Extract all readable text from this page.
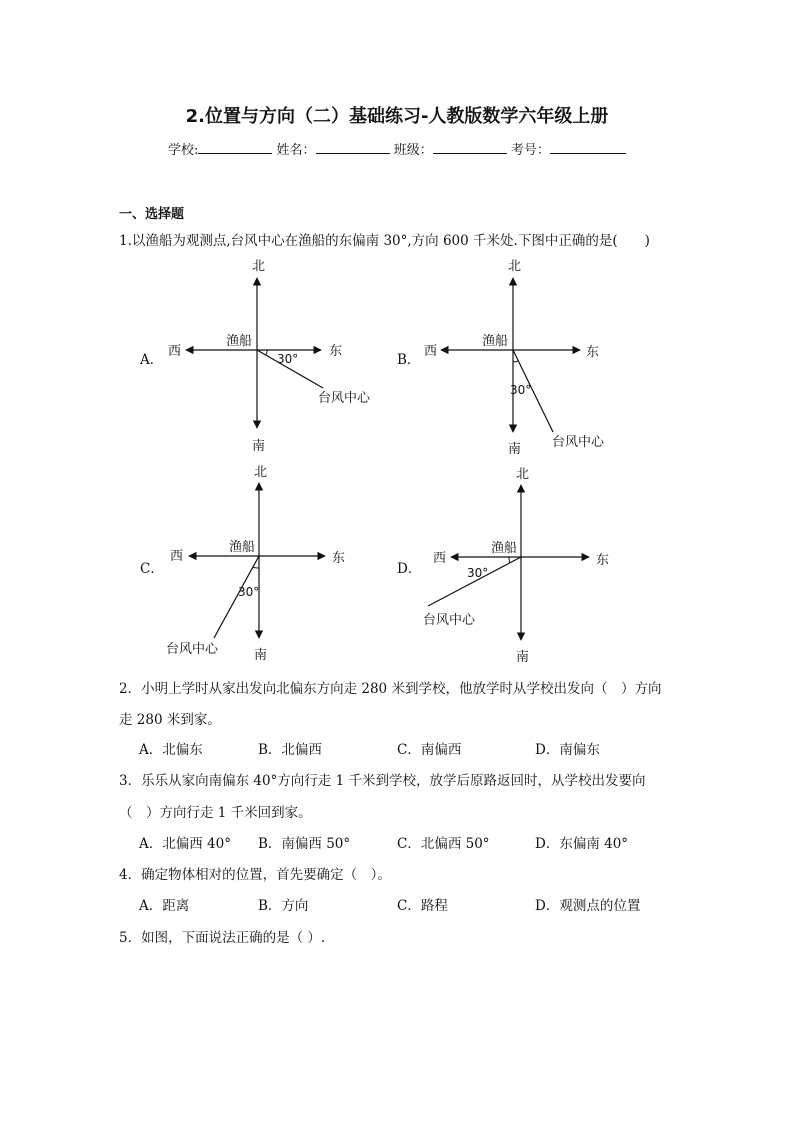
2.位置与方向（二）基础练习-人教版数学六年级上册
学校:	姓名：	班级：	考号：
一、选择题
1.以渔船为观测点,台风中心在渔船的东偏南 30°,方向 600 千米处.下图中正确的是(　　)
A．	B．
C．	D．
北
南
东
西
渔船
30°
台风中心
北
南
东
西
渔船
30°
台风中心
北
南
东
西
渔船
30°
台风中心
北
南
东
西
渔船
30°
台风中心
2．小明上学时从家出发向北偏东方向走 280 米到学校，他放学时从学校出发向（　）方向
走 280 米到家。
A．北偏东	B．北偏西	C．南偏西	D．南偏东
3．乐乐从家向南偏东 40°方向行走 1 千米到学校，放学后原路返回时，从学校出发要向
（　）方向行走 1 千米回到家。
A．北偏西 40° B．南偏西 50°	C．北偏西 50°	D．东偏南 40°
4．确定物体相对的位置，首先要确定（　）。
A．距离	B．方向	C．路程	D．观测点的位置
5．如图，下面说法正确的是（ ）.
